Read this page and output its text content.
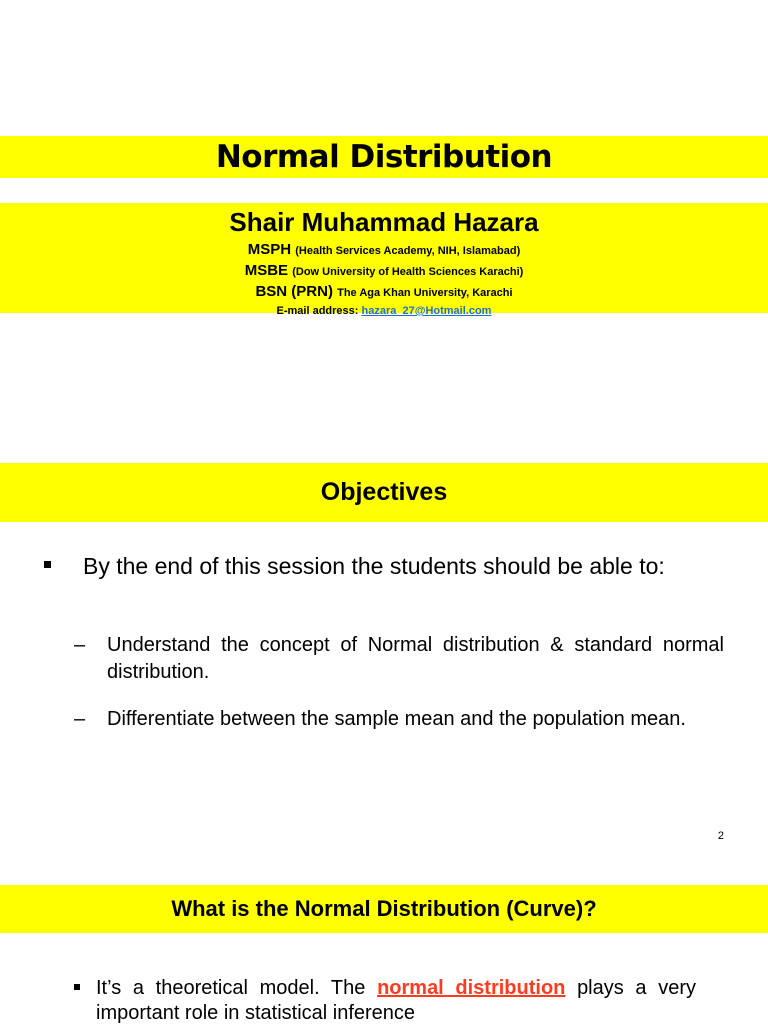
Normal Distribution
Shair Muhammad Hazara
MSPH (Health Services Academy, NIH, Islamabad)
MSBE (Dow University of Health Sciences Karachi)
BSN (PRN) The Aga Khan University, Karachi
E-mail address: hazara_27@Hotmail.com
Objectives
By the end of this session the students should be able to:
– Understand the concept of Normal distribution & standard normal distribution.
– Differentiate between the sample mean and the population mean.
2
What is the Normal Distribution (Curve)?
It’s a theoretical model. The normal distribution plays a very important role in statistical inference
